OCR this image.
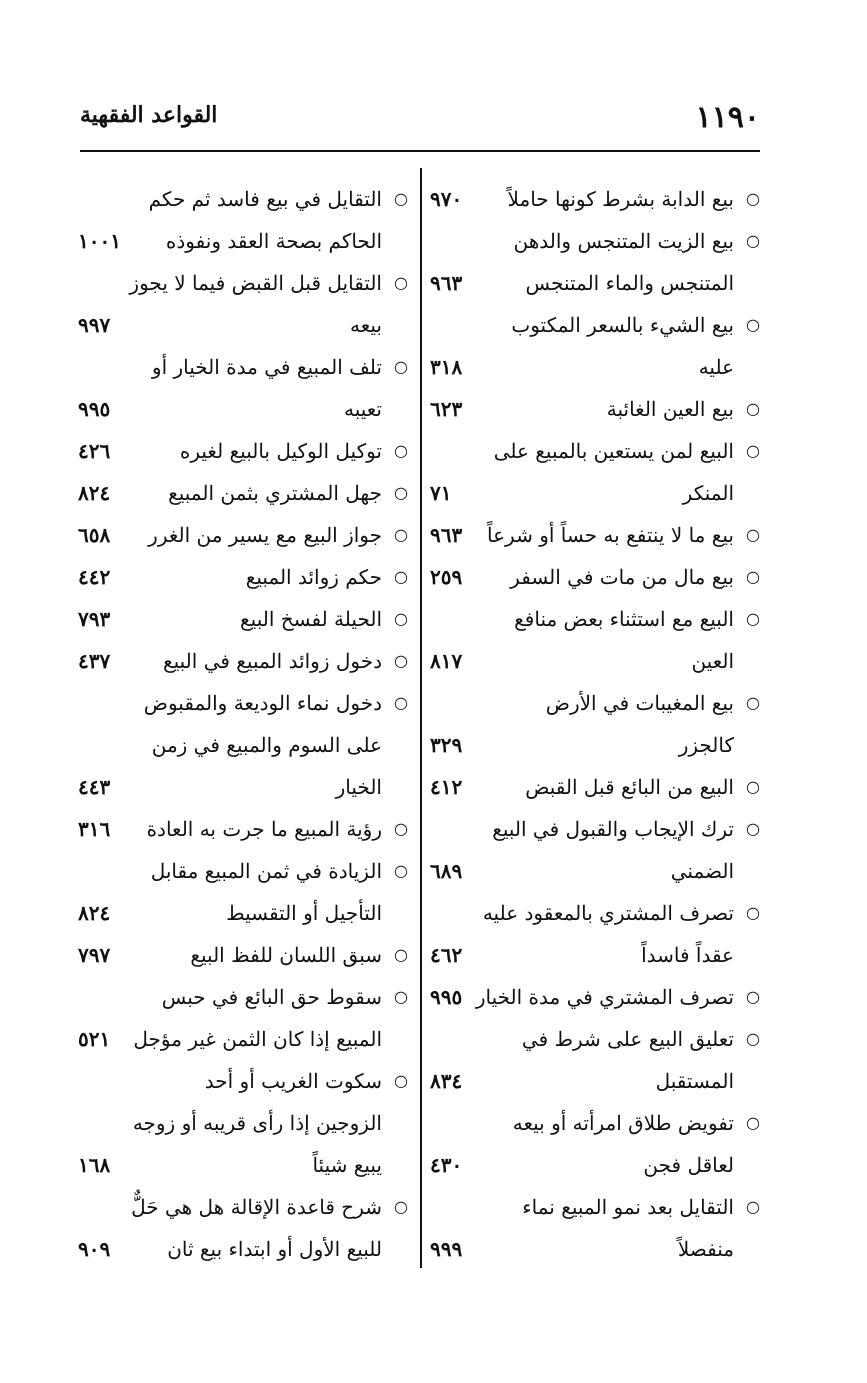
١١٩٠
القواعد الفقهية
○
بيع الدابة بشرط كونها حاملاً
٩٧٠
○
بيع الزيت المتنجس والدهن
المتنجس والماء المتنجس
٩٦٣
○
بيع الشيء بالسعر المكتوب
عليه
٣١٨
○
بيع العين الغائبة
٦٢٣
○
البيع لمن يستعين بالمبيع على
المنكر
٧١
○
بيع ما لا ينتفع به حساً أو شرعاً
٩٦٣
○
بيع مال من مات في السفر
٢٥٩
○
البيع مع استثناء بعض منافع
العين
٨١٧
○
بيع المغيبات في الأرض
كالجزر
٣٢٩
○
البيع من البائع قبل القبض
٤١٢
○
ترك الإيجاب والقبول في البيع
الضمني
٦٨٩
○
تصرف المشتري بالمعقود عليه
عقداً فاسداً
٤٦٢
○
تصرف المشتري في مدة الخيار
٩٩٥
○
تعليق البيع على شرط في
المستقبل
٨٣٤
○
تفويض طلاق امرأته أو بيعه
لعاقل فجن
٤٣٠
○
التقايل بعد نمو المبيع نماء
منفصلاً
٩٩٩
○
التقايل في بيع فاسد ثم حكم
الحاكم بصحة العقد ونفوذه
١٠٠١
○
التقايل قبل القبض فيما لا يجوز
بيعه
٩٩٧
○
تلف المبيع في مدة الخيار أو
تعيبه
٩٩٥
○
توكيل الوكيل بالبيع لغيره
٤٢٦
○
جهل المشتري بثمن المبيع
٨٢٤
○
جواز البيع مع يسير من الغرر
٦٥٨
○
حكم زوائد المبيع
٤٤٢
○
الحيلة لفسخ البيع
٧٩٣
○
دخول زوائد المبيع في البيع
٤٣٧
○
دخول نماء الوديعة والمقبوض
على السوم والمبيع في زمن
الخيار
٤٤٣
○
رؤية المبيع ما جرت به العادة
٣١٦
○
الزيادة في ثمن المبيع مقابل
التأجيل أو التقسيط
٨٢٤
○
سبق اللسان للفظ البيع
٧٩٧
○
سقوط حق البائع في حبس
المبيع إذا كان الثمن غير مؤجل
٥٢١
○
سكوت الغريب أو أحد
الزوجين إذا رأى قريبه أو زوجه
يبيع شيئاً
١٦٨
○
شرح قاعدة الإقالة هل هي حَلٌّ
للبيع الأول أو ابتداء بيع ثان
٩٠٩
